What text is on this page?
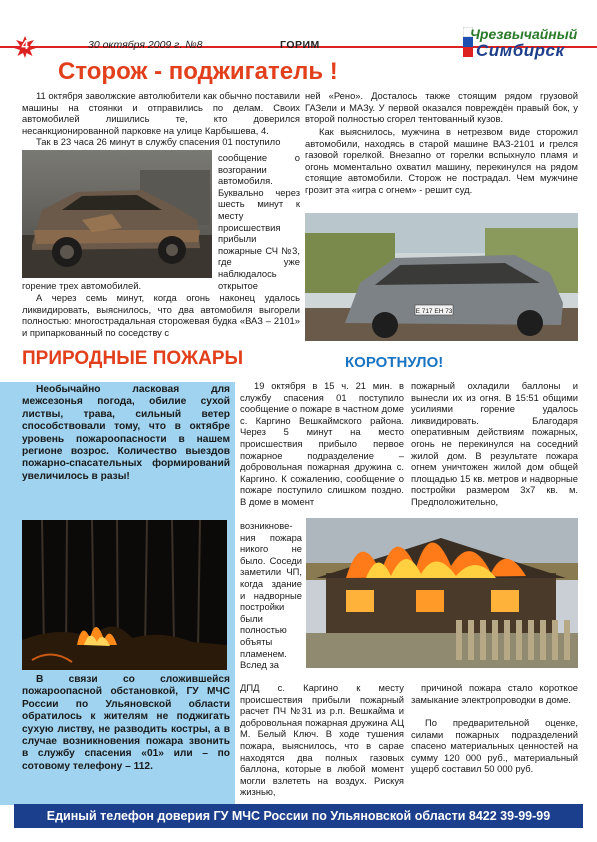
4	30 октября 2009 г. №8	ГОРИМ
Чрезвычайный
Симбирск
Сторож - поджигатель !

11 октября заволжские автолюбители как обычно поставили машины на стоянки и отправились по делам. Своих автомобилей лишились те, кто доверился несанкционированной парковке на улице Карбышева, 4.

Так в 23 часа 26 минут в службу спасения 01 поступило

сообщение о возгорании автомобиля. Буквально через шесть минут к месту происшествия прибыли пожарные СЧ №3, где уже наблюдалось открытое

горение трех автомобилей.

А через семь минут, когда огонь наконец удалось ликвидировать, выяснилось, что два автомобиля выгорели полностью: многострадальная сторожевая будка «ВАЗ – 2101» и припаркованный по соседству с

ней «Рено». Досталось также стоящим рядом грузовой ГАЗели и МАЗу. У первой оказался повреждён правый бок, у второй полностью сгорел тентованный кузов.

Как выяснилось, мужчина в нетрезвом виде сторожил автомобили, находясь в старой машине ВАЗ-2101 и грелся газовой горелкой. Внезапно от горелки вспыхнуло пламя и огонь моментально охватил машину, перекинулся на рядом стоящие автомобили. Сторож не пострадал. Чем мужчине грозит эта «игра с огнем» - решит суд.

Е 717 ЕН 73
ПРИРОДНЫЕ ПОЖАРЫ

Необычайно ласковая для межсезонья погода, обилие сухой листвы, трава, сильный ветер способствовали тому, что в октябре уровень пожароопасности в нашем регионе возрос. Количество выездов пожарно-спасательных формирований увеличилось в разы!

В связи со сложившейся пожароопасной обстановкой, ГУ МЧС России по Ульяновской области обратилось к жителям не поджигать сухую листву, не разводить костры, а в случае возникновения пожара звонить в службу спасения «01» или – по сотовому телефону – 112.

КОРОТНУЛО!

19 октября в 15 ч. 21 мин. в службу спасения 01 поступило сообщение о пожаре в частном доме с. Каргино Вешкаймского района. Через 5 минут на место происшествия прибыло первое пожарное подразделение – добровольная пожарная дружина с. Каргино. К сожалению, сообщение о пожаре поступило слишком поздно. В доме в момент

возникнове-ния пожара никого не было. Соседи заметили ЧП, когда здание и надворные постройки были полностью объяты пламенем. Вслед за

ДПД с. Каргино к месту происшествия прибыли пожарный расчет ПЧ №31 из р.п. Вешкайма и добровольная пожарная дружина АЦ М. Белый Ключ. В ходе тушения пожара, выяснилось, что в сарае находятся два полных газовых баллона, которые в любой момент могли взлететь на воздух. Рискуя жизнью,

пожарный охладили баллоны и вынесли их из огня. В 15:51 общими усилиями горение удалось ликвидировать. Благодаря оперативным действиям пожарных, огонь не перекинулся на соседний жилой дом. В результате пожара огнем уничтожен жилой дом общей площадью 15 кв. метров и надворные постройки размером 3х7 кв. м. Предположительно,

причиной пожара стало короткое замыкание электропроводки в доме.

По предварительной оценке, силами пожарных подразделений спасено материальных ценностей на сумму 120 000 руб., материальный ущерб составил 50 000 руб.

Единый телефон доверия ГУ МЧС России по Ульяновской области 8422 39-99-99
